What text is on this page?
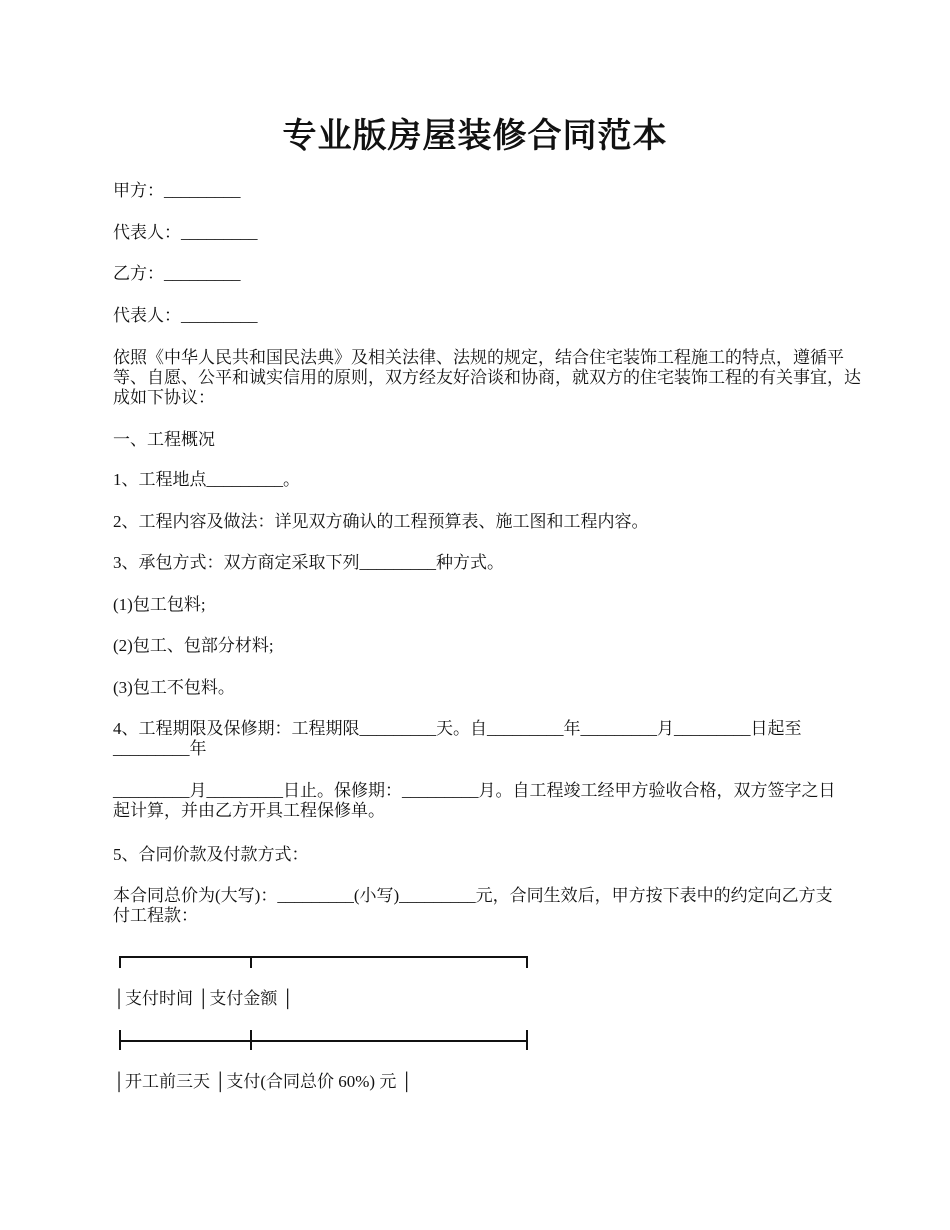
专业版房屋装修合同范本

甲方：_________

代表人：_________

乙方：_________

代表人：_________

依照《中华人民共和国民法典》及相关法律、法规的规定，结合住宅装饰工程施工的特点，遵循平等、自愿、公平和诚实信用的原则，双方经友好洽谈和协商，就双方的住宅装饰工程的有关事宜，达成如下协议：

一、工程概况

1、工程地点_________。

2、工程内容及做法：详见双方确认的工程预算表、施工图和工程内容。

3、承包方式：双方商定采取下列_________种方式。

(1)包工包料;

(2)包工、包部分材料;

(3)包工不包料。

4、工程期限及保修期：工程期限_________天。自_________年_________月_________日起至_________年

_________月_________日止。保修期：_________月。自工程竣工经甲方验收合格，双方签字之日起计算，并由乙方开具工程保修单。

5、合同价款及付款方式：

本合同总价为(大写)：_________(小写)_________元，合同生效后，甲方按下表中的约定向乙方支付工程款：

│支付时间 │支付金额 │

│开工前三天 │支付(合同总价 60%) 元 │
